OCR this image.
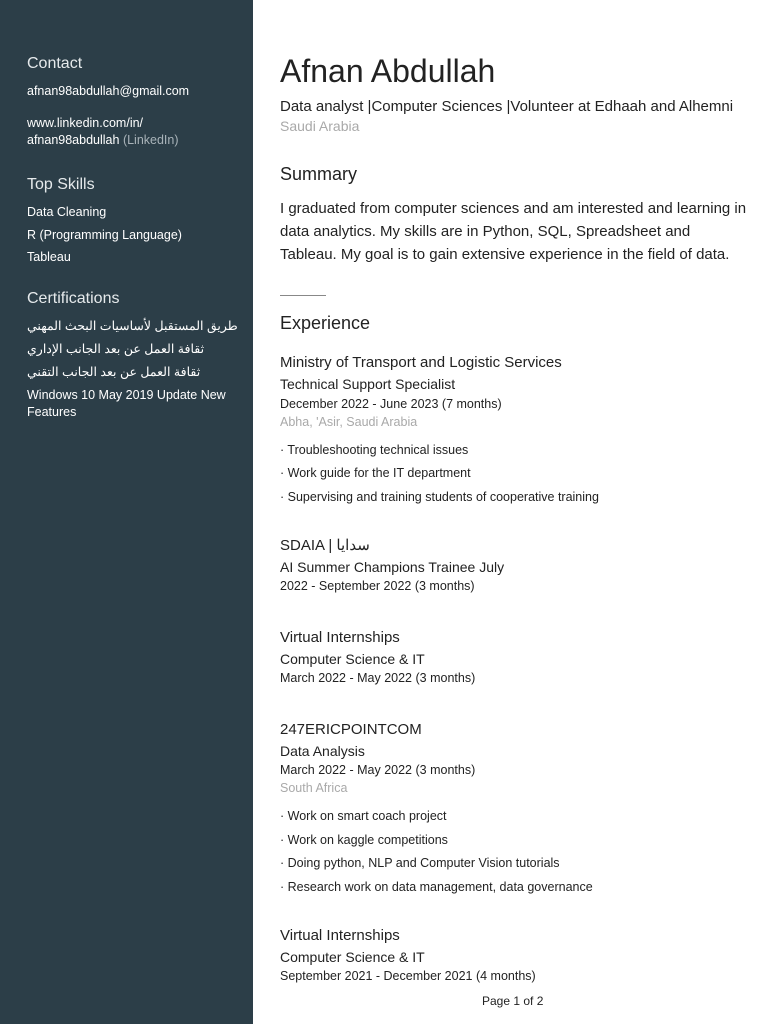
Contact
afnan98abdullah@gmail.com
www.linkedin.com/in/
afnan98abdullah (LinkedIn)
Top Skills
Data Cleaning
R (Programming Language)
Tableau
Certifications
طريق المستقبل لأساسيات البحث المهني
ثقافة العمل عن بعد الجانب الإداري
ثقافة العمل عن بعد الجانب التقني
Windows 10 May 2019 Update New Features
Afnan Abdullah
Data analyst |Computer Sciences |Volunteer at Edhaah and Alhemni
Saudi Arabia
Summary
I graduated from computer sciences and am interested and learning in data analytics. My skills are in Python, SQL, Spreadsheet and Tableau. My goal is to gain extensive experience in the field of data.
Experience
Ministry of Transport and Logistic Services
Technical Support Specialist
December 2022 - June 2023 (7 months)
Abha, 'Asir, Saudi Arabia
· Troubleshooting technical issues
· Work guide for the IT department
· Supervising and training students of cooperative training
SDAIA | سدايا
AI Summer Champions Trainee July
2022 - September 2022 (3 months)
Virtual Internships
Computer Science & IT
March 2022 - May 2022 (3 months)
247ERICPOINTCOM
Data Analysis
March 2022 - May 2022 (3 months)
South Africa
· Work on smart coach project
· Work on kaggle competitions
· Doing python, NLP and Computer Vision tutorials
· Research work on data management, data governance
Virtual Internships
Computer Science & IT
September 2021 - December 2021 (4 months)
Page 1 of 2
